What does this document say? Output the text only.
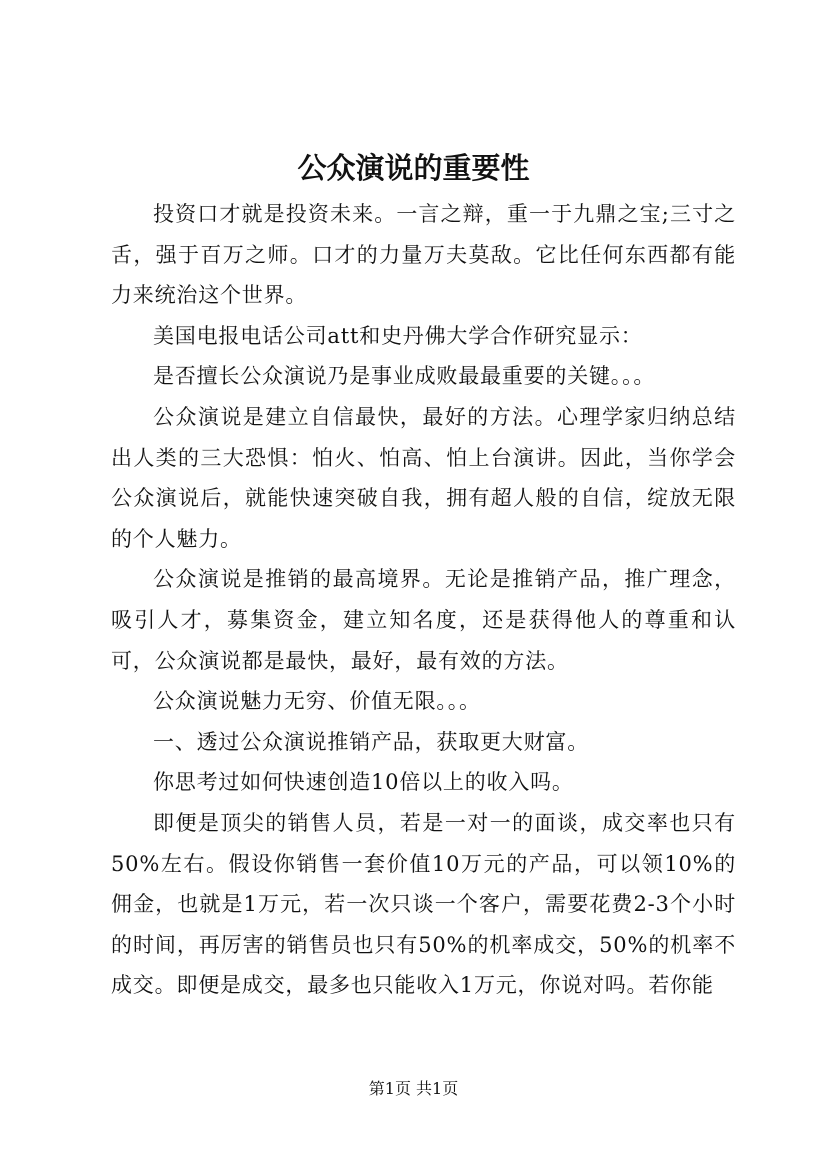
公众演说的重要性

投资口才就是投资未来。一言之辩，重一于九鼎之宝;三寸之舌，强于百万之师。口才的力量万夫莫敌。它比任何东西都有能力来统治这个世界。

美国电报电话公司att和史丹佛大学合作研究显示：

是否擅长公众演说乃是事业成败最最重要的关键。。。

公众演说是建立自信最快，最好的方法。心理学家归纳总结出人类的三大恐惧：怕火、怕高、怕上台演讲。因此，当你学会公众演说后，就能快速突破自我，拥有超人般的自信，绽放无限的个人魅力。

公众演说是推销的最高境界。无论是推销产品，推广理念，吸引人才，募集资金，建立知名度，还是获得他人的尊重和认可，公众演说都是最快，最好，最有效的方法。

公众演说魅力无穷、价值无限。。。

一、透过公众演说推销产品，获取更大财富。

你思考过如何快速创造10倍以上的收入吗。

即便是顶尖的销售人员，若是一对一的面谈，成交率也只有50%左右。假设你销售一套价值10万元的产品，可以领10%的佣金，也就是1万元，若一次只谈一个客户，需要花费2-3个小时的时间，再厉害的销售员也只有50%的机率成交，50%的机率不成交。即便是成交，最多也只能收入1万元，你说对吗。若你能

第1页 共1页
